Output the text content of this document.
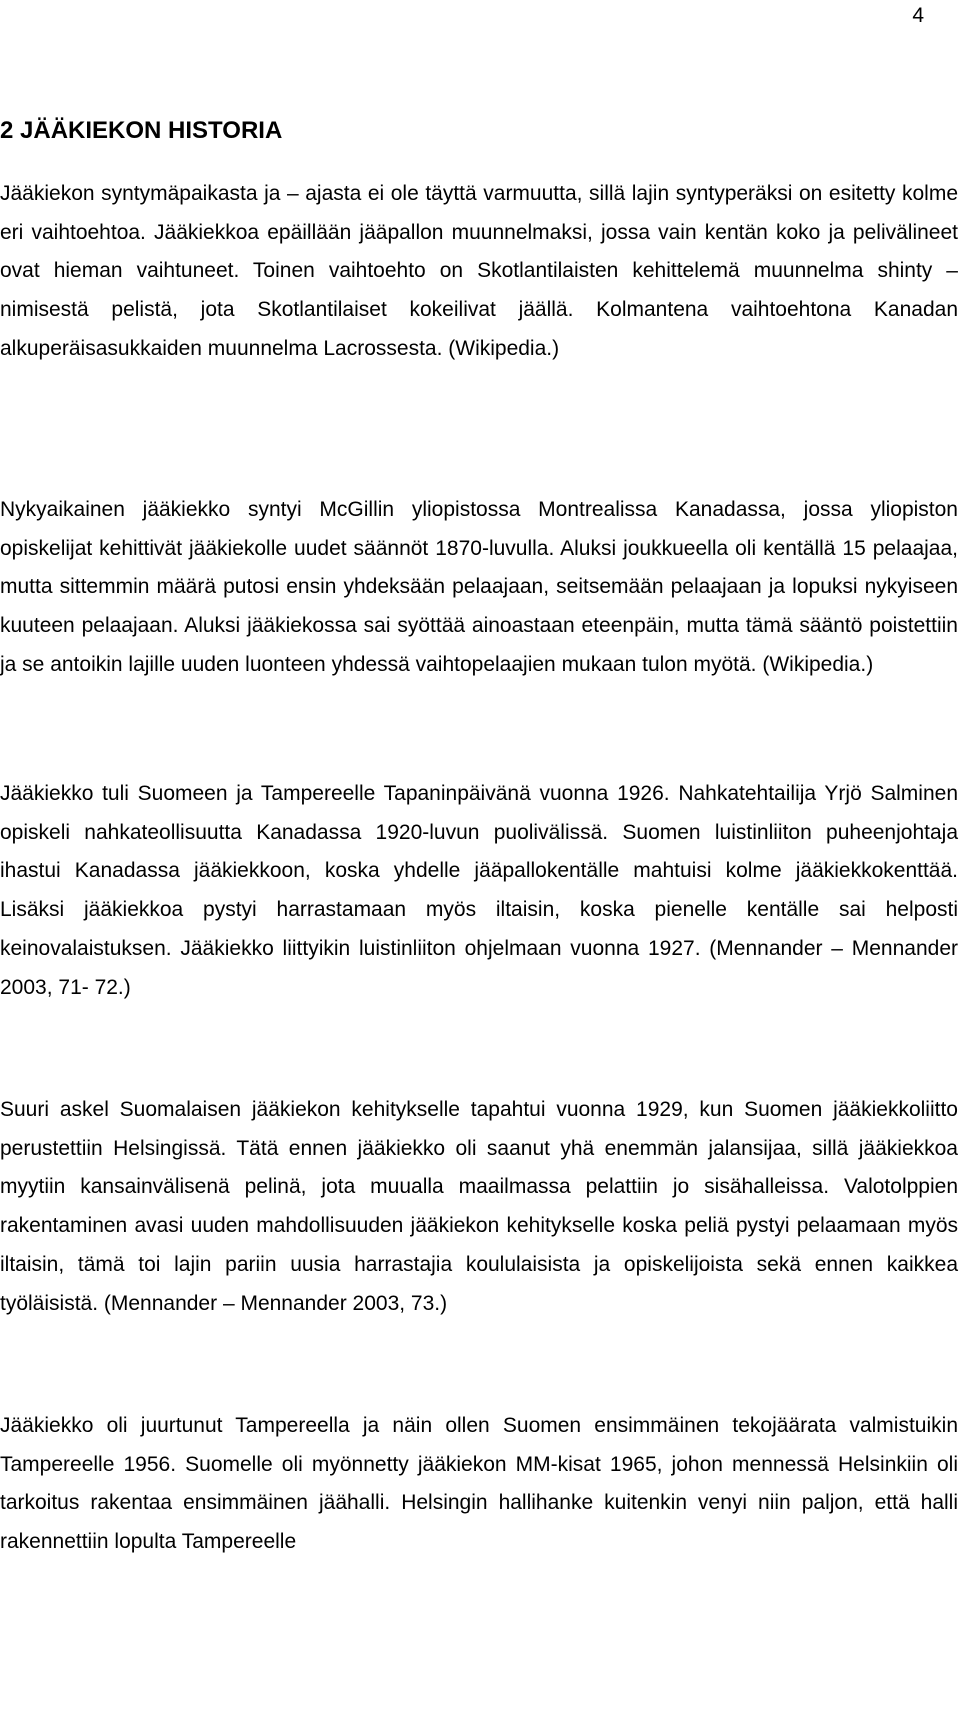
4
2 JÄÄKIEKON HISTORIA

Jääkiekon syntymäpaikasta ja – ajasta ei ole täyttä varmuutta, sillä lajin syntyperäksi on esitetty kolme eri vaihtoehtoa. Jääkiekkoa epäillään jääpallon muunnelmaksi, jossa vain kentän koko ja pelivälineet ovat hieman vaihtuneet. Toinen vaihtoehto on Skotlantilaisten kehittelemä muunnelma shinty – nimisestä pelistä, jota Skotlantilaiset kokeilivat jäällä. Kolmantena vaihtoehtona Kanadan alkuperäisasukkaiden muunnelma Lacrossesta. (Wikipedia.)

Nykyaikainen jääkiekko syntyi McGillin yliopistossa Montrealissa Kanadassa, jossa yliopiston opiskelijat kehittivät jääkiekolle uudet säännöt 1870-luvulla. Aluksi joukkueella oli kentällä 15 pelaajaa, mutta sittemmin määrä putosi ensin yhdeksään pelaajaan, seitsemään pelaajaan ja lopuksi nykyiseen kuuteen pelaajaan. Aluksi jääkiekossa sai syöttää ainoastaan eteenpäin, mutta tämä sääntö poistettiin ja se antoikin lajille uuden luonteen yhdessä vaihtopelaajien mukaan tulon myötä. (Wikipedia.)

Jääkiekko tuli Suomeen ja Tampereelle Tapaninpäivänä vuonna 1926. Nahkatehtailija Yrjö Salminen opiskeli nahkateollisuutta Kanadassa 1920-luvun puolivälissä. Suomen luistinliiton puheenjohtaja ihastui Kanadassa jääkiekkoon, koska yhdelle jääpallokentälle mahtuisi kolme jääkiekkokenttää. Lisäksi jääkiekkoa pystyi harrastamaan myös iltaisin, koska pienelle kentälle sai helposti keinovalaistuksen. Jääkiekko liittyikin luistinliiton ohjelmaan vuonna 1927. (Mennander – Mennander 2003, 71- 72.)

Suuri askel Suomalaisen jääkiekon kehitykselle tapahtui vuonna 1929, kun Suomen jääkiekkoliitto perustettiin Helsingissä. Tätä ennen jääkiekko oli saanut yhä enemmän jalansijaa, sillä jääkiekkoa myytiin kansainvälisenä pelinä, jota muualla maailmassa pelattiin jo sisähalleissa. Valotolppien rakentaminen avasi uuden mahdollisuuden jääkiekon kehitykselle koska peliä pystyi pelaamaan myös iltaisin, tämä toi lajin pariin uusia harrastajia koululaisista ja opiskelijoista sekä ennen kaikkea työläisistä. (Mennander – Mennander 2003, 73.)

Jääkiekko oli juurtunut Tampereella ja näin ollen Suomen ensimmäinen tekojäärata valmistuikin Tampereelle 1956. Suomelle oli myönnetty jääkiekon MM-kisat 1965, johon mennessä Helsinkiin oli tarkoitus rakentaa ensimmäinen jäähalli. Helsingin hallihanke kuitenkin venyi niin paljon, että halli rakennettiin lopulta Tampereelle
